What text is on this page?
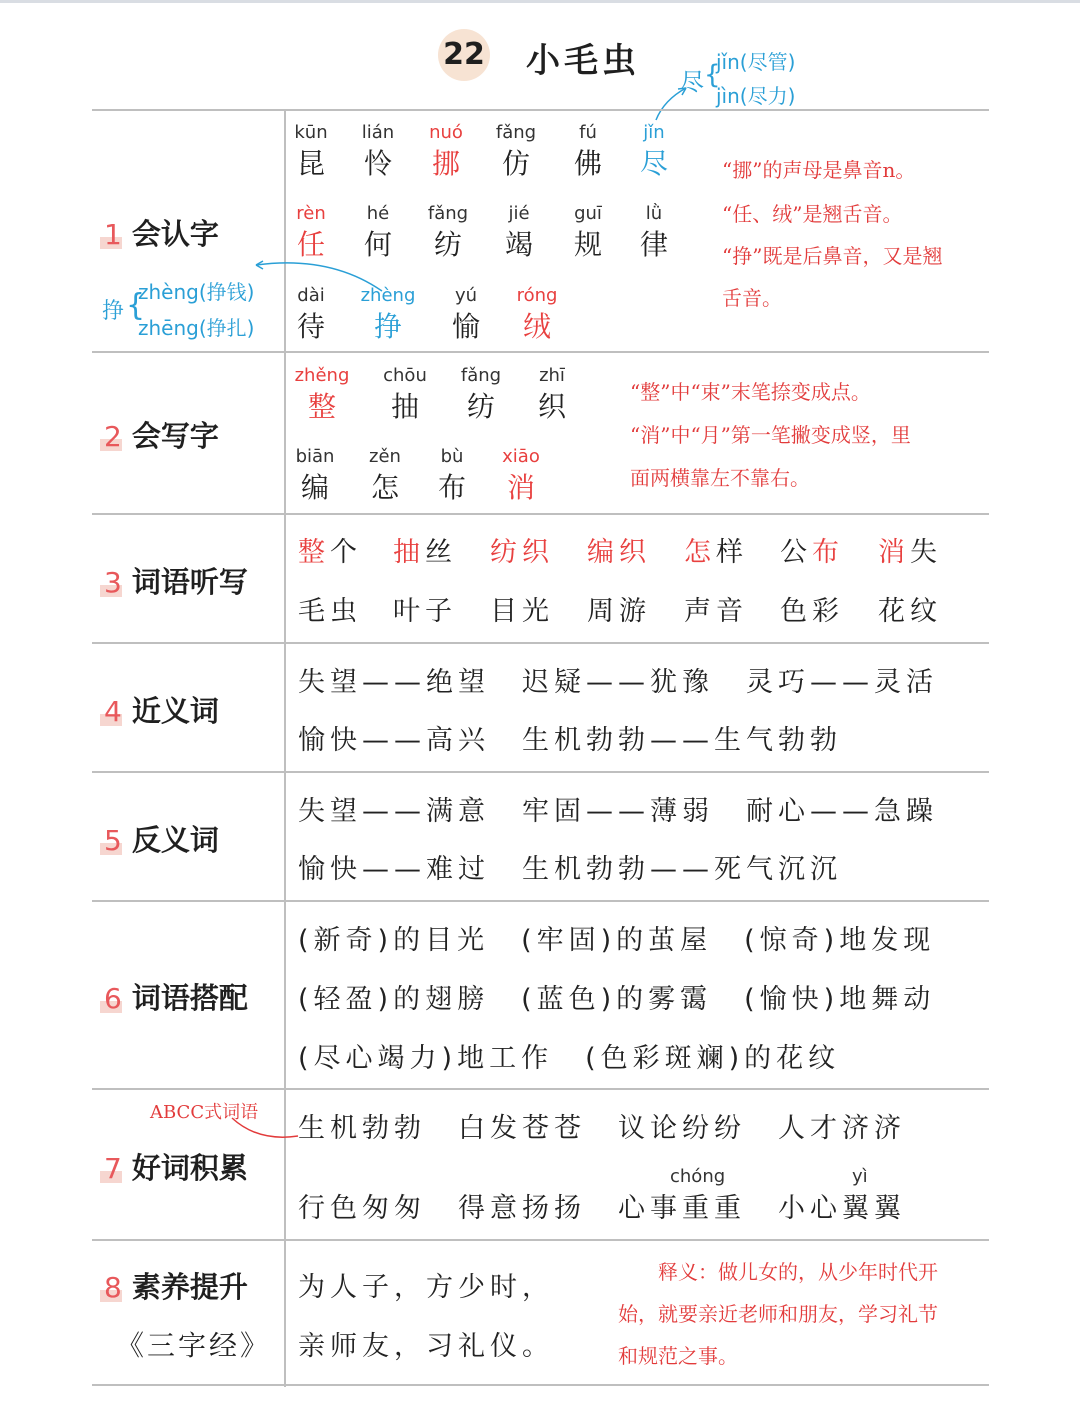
22 小毛虫
尽 {
jǐn(尽管)
jìn(尽力)
1 会认字
2 会写字
3 词语听写
4 近义词
5 反义词
6 词语搭配
7 好词积累
8 素养提升
《三字经》
挣 {
zhèng(挣钱)
zhēng(挣扎)
kūn
昆
lián
怜
nuó
挪
fǎng
仿
fú
佛
jǐn
尽
rèn
任
hé
何
fǎng
纺
jié
竭
guī
规
lǜ
律
dài
待
zhèng
挣
yú
愉
róng
绒
“挪”的声母是鼻音n。
“任、绒”是翘舌音。
“挣”既是后鼻音，又是翘
舌音。
zhěng
整
chōu
抽
fǎng
纺
zhī
织
biān
编
zěn
怎
bù
布
xiāo
消
“整”中“束”末笔捺变成点。
“消”中“月”第一笔撇变成竖，里
面两横靠左不靠右。
整个 抽丝 纺织 编织 怎样 公布 消失
毛虫 叶子 目光 周游 声音 色彩 花纹
失望——绝望　迟疑——犹豫　灵巧——灵活
愉快——高兴　生机勃勃——生气勃勃
失望——满意　牢固——薄弱　耐心——急躁
愉快——难过　生机勃勃——死气沉沉
(新奇)的目光　(牢固)的茧屋　(惊奇)地发现
(轻盈)的翅膀　(蓝色)的雾霭　(愉快)地舞动
(尽心竭力)地工作　(色彩斑斓)的花纹
ABCC式词语
生机勃勃　白发苍苍　议论纷纷　人才济济
chóng	yì
行色匆匆　得意扬扬　心事重重　小心翼翼
为人子，方少时，
亲师友，习礼仪。
释义：做儿女的，从少年时代开
始，就要亲近老师和朋友，学习礼节
和规范之事。
